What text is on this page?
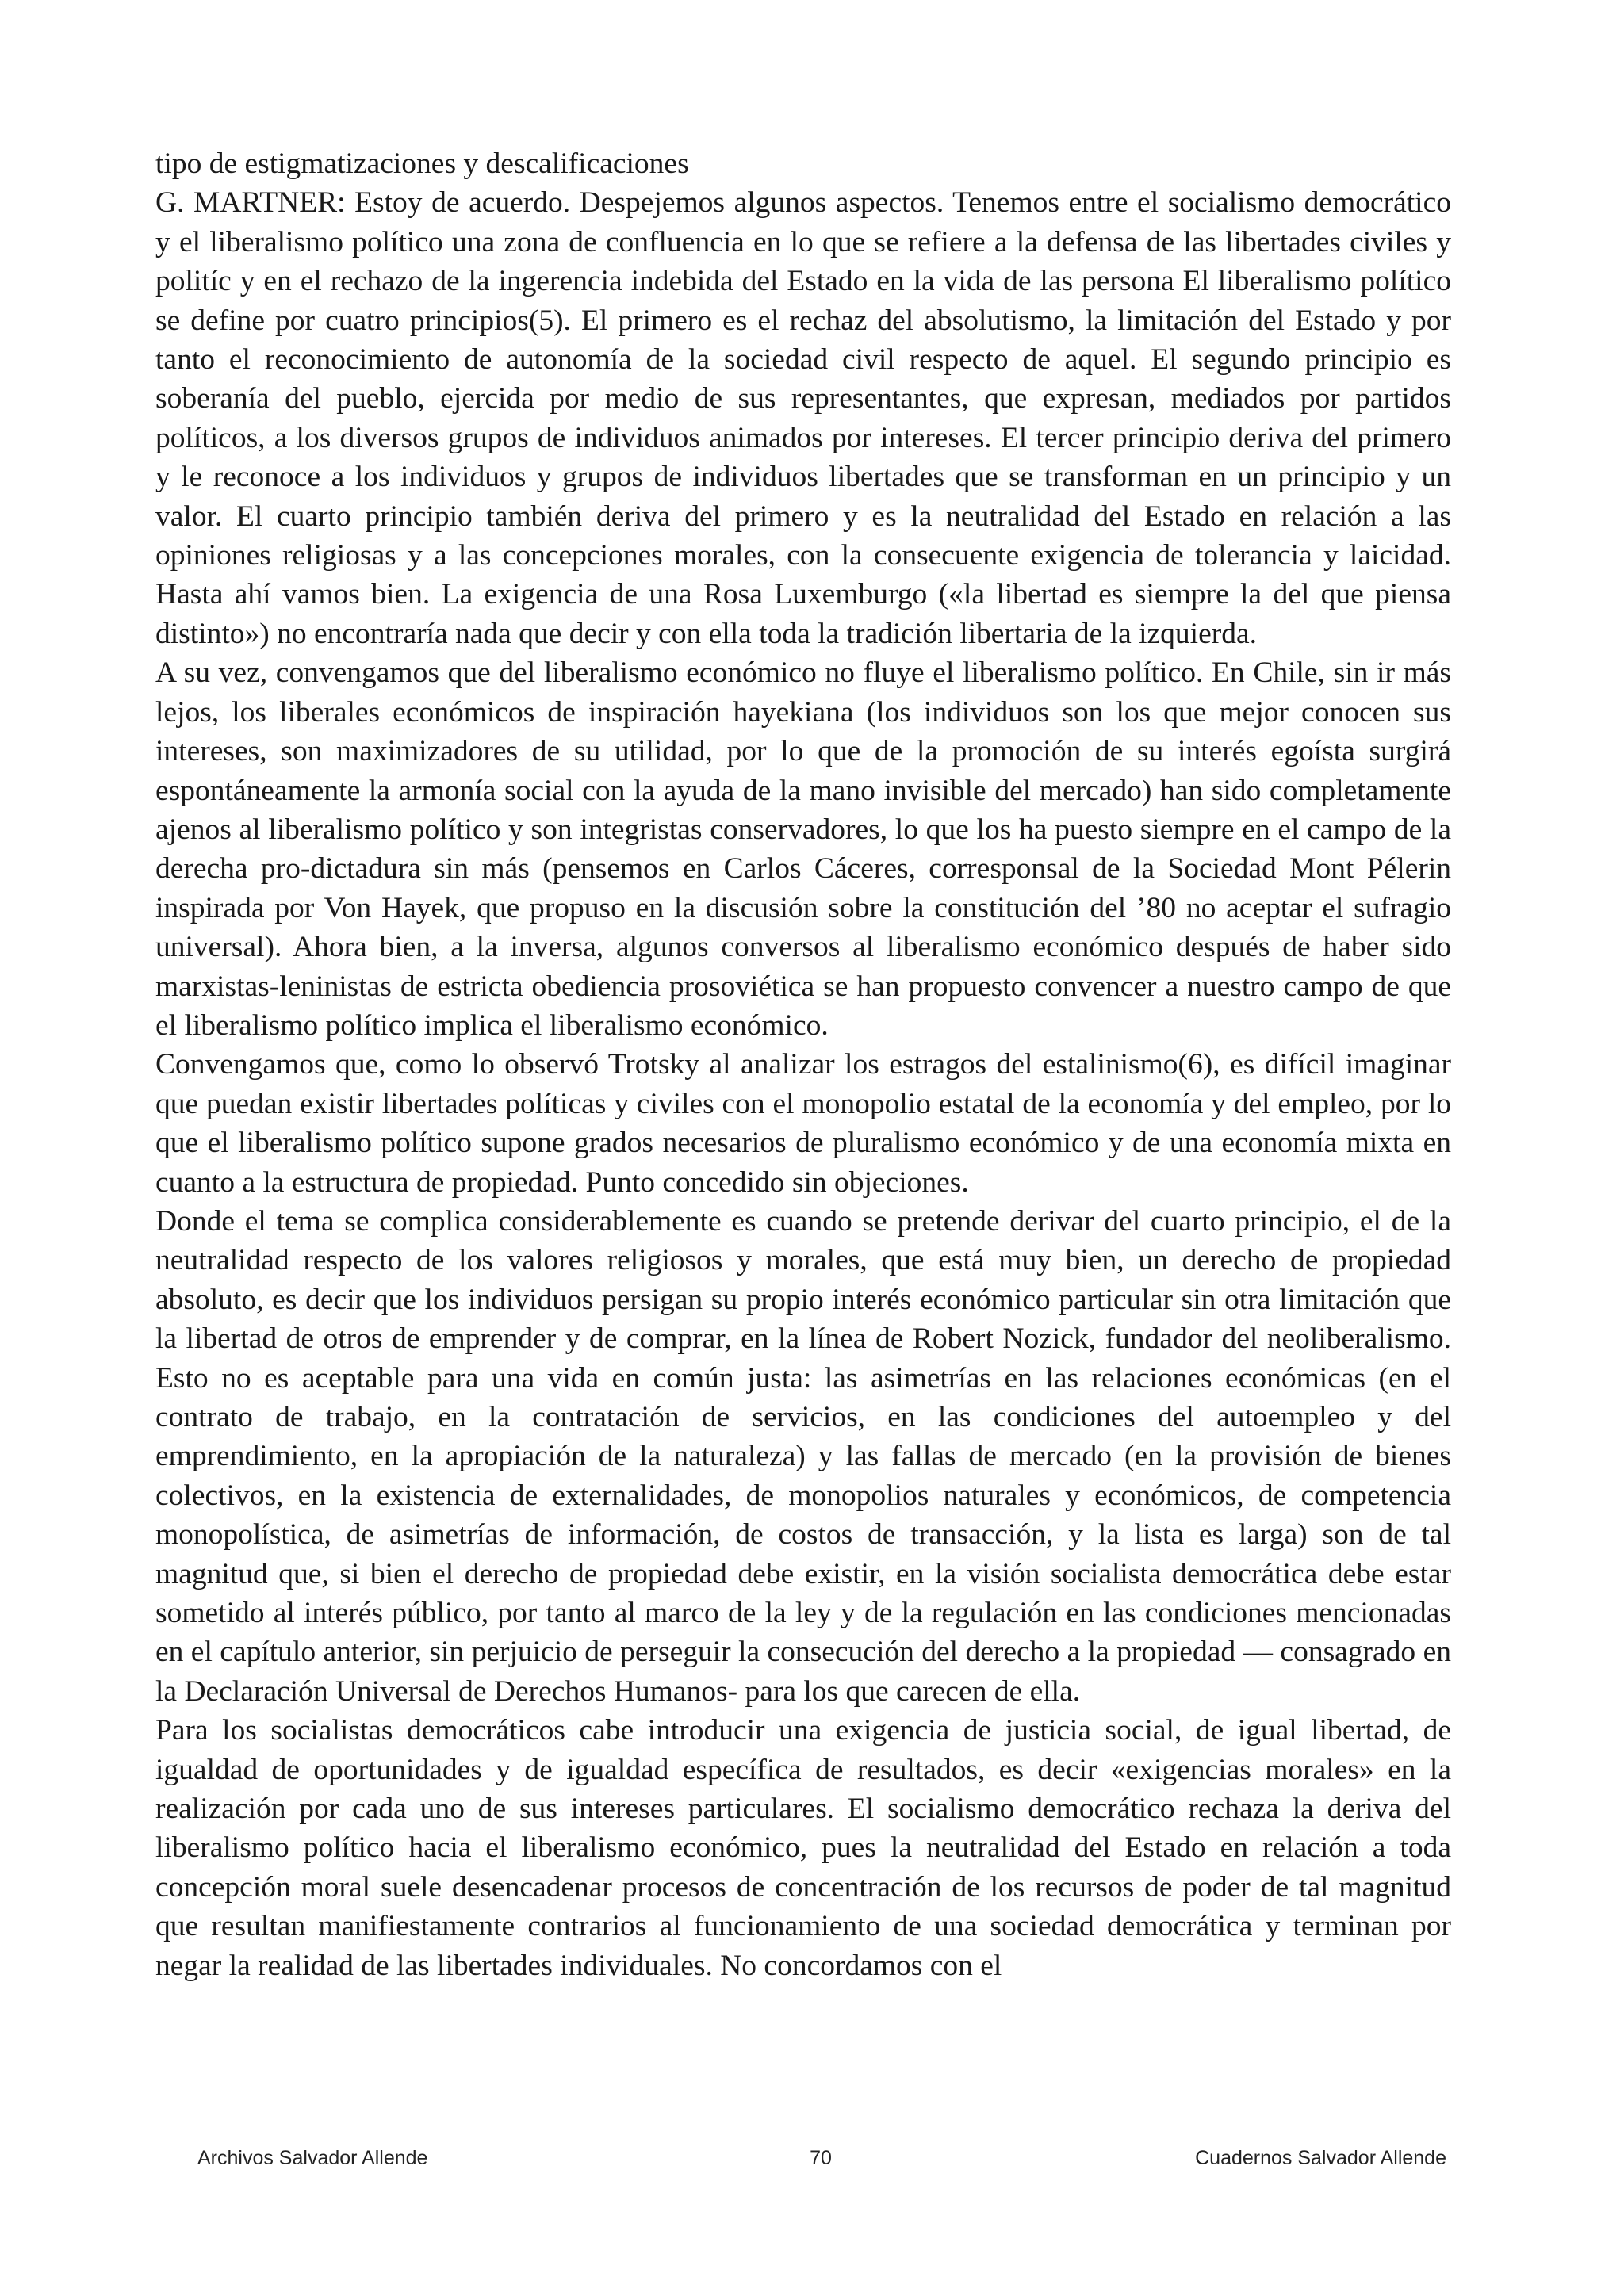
tipo de estigmatizaciones y descalificaciones

G. MARTNER: Estoy de acuerdo. Despejemos algunos aspectos. Tenemos entre el socialismo democrático y el liberalismo político una zona de confluencia en lo que se refiere a la defensa de las libertades civiles y politíc y en el rechazo de la ingerencia indebida del Estado en la vida de las persona El liberalismo político se define por cuatro principios(5). El primero es el rechaz del absolutismo, la limitación del Estado y por tanto el reconocimiento de autonomía de la sociedad civil respecto de aquel. El segundo principio es soberanía del pueblo, ejercida por medio de sus representantes, que expresan, mediados por partidos políticos, a los diversos grupos de individuos animados por intereses. El tercer principio deriva del primero y le reconoce a los individuos y grupos de individuos libertades que se transforman en un principio y un valor. El cuarto principio también deriva del primero y es la neutralidad del Estado en relación a las opiniones religiosas y a las concepciones morales, con la consecuente exigencia de tolerancia y laicidad. Hasta ahí vamos bien. La exigencia de una Rosa Luxemburgo («la libertad es siempre la del que piensa distinto») no encontraría nada que decir y con ella toda la tradición libertaria de la izquierda.

A su vez, convengamos que del liberalismo económico no fluye el liberalismo político. En Chile, sin ir más lejos, los liberales económicos de inspiración hayekiana (los individuos son los que mejor conocen sus intereses, son maximizadores de su utilidad, por lo que de la promoción de su interés egoísta surgirá espontáneamente la armonía social con la ayuda de la mano invisible del mercado) han sido completamente ajenos al liberalismo político y son integristas conservadores, lo que los ha puesto siempre en el campo de la derecha pro-dictadura sin más (pensemos en Carlos Cáceres, corresponsal de la Sociedad Mont Pélerin inspirada por Von Hayek, que propuso en la discusión sobre la constitución del ’80 no aceptar el sufragio universal). Ahora bien, a la inversa, algunos conversos al liberalismo económico después de haber sido marxistas-leninistas de estricta obediencia prosoviética se han propuesto convencer a nuestro campo de que el liberalismo político implica el liberalismo económico.

Convengamos que, como lo observó Trotsky al analizar los estragos del estalinismo(6), es difícil imaginar que puedan existir libertades políticas y civiles con el monopolio estatal de la economía y del empleo, por lo que el liberalismo político supone grados necesarios de pluralismo económico y de una economía mixta en cuanto a la estructura de propiedad. Punto concedido sin objeciones.

Donde el tema se complica considerablemente es cuando se pretende derivar del cuarto principio, el de la neutralidad respecto de los valores religiosos y morales, que está muy bien, un derecho de propiedad absoluto, es decir que los individuos persigan su propio interés económico particular sin otra limitación que la libertad de otros de emprender y de comprar, en la línea de Robert Nozick, fundador del neoliberalismo. Esto no es aceptable para una vida en común justa: las asimetrías en las relaciones económicas (en el contrato de trabajo, en la contratación de servicios, en las condiciones del autoempleo y del emprendimiento, en la apropiación de la naturaleza) y las fallas de mercado (en la provisión de bienes colectivos, en la existencia de externalidades, de monopolios naturales y económicos, de competencia monopolística, de asimetrías de información, de costos de transacción, y la lista es larga) son de tal magnitud que, si bien el derecho de propiedad debe existir, en la visión socialista democrática debe estar sometido al interés público, por tanto al marco de la ley y de la regulación en las condiciones mencionadas en el capítulo anterior, sin perjuicio de perseguir la consecución del derecho a la propiedad — consagrado en la Declaración Universal de Derechos Humanos- para los que carecen de ella.

Para los socialistas democráticos cabe introducir una exigencia de justicia social, de igual libertad, de igualdad de oportunidades y de igualdad específica de resultados, es decir «exigencias morales» en la realización por cada uno de sus intereses particulares. El socialismo democrático rechaza la deriva del liberalismo político hacia el liberalismo económico, pues la neutralidad del Estado en relación a toda concepción moral suele desencadenar procesos de concentración de los recursos de poder de tal magnitud que resultan manifiestamente contrarios al funcionamiento de una sociedad democrática y terminan por negar la realidad de las libertades individuales. No concordamos con el

Archivos Salvador Allende	70	Cuadernos Salvador Allende
